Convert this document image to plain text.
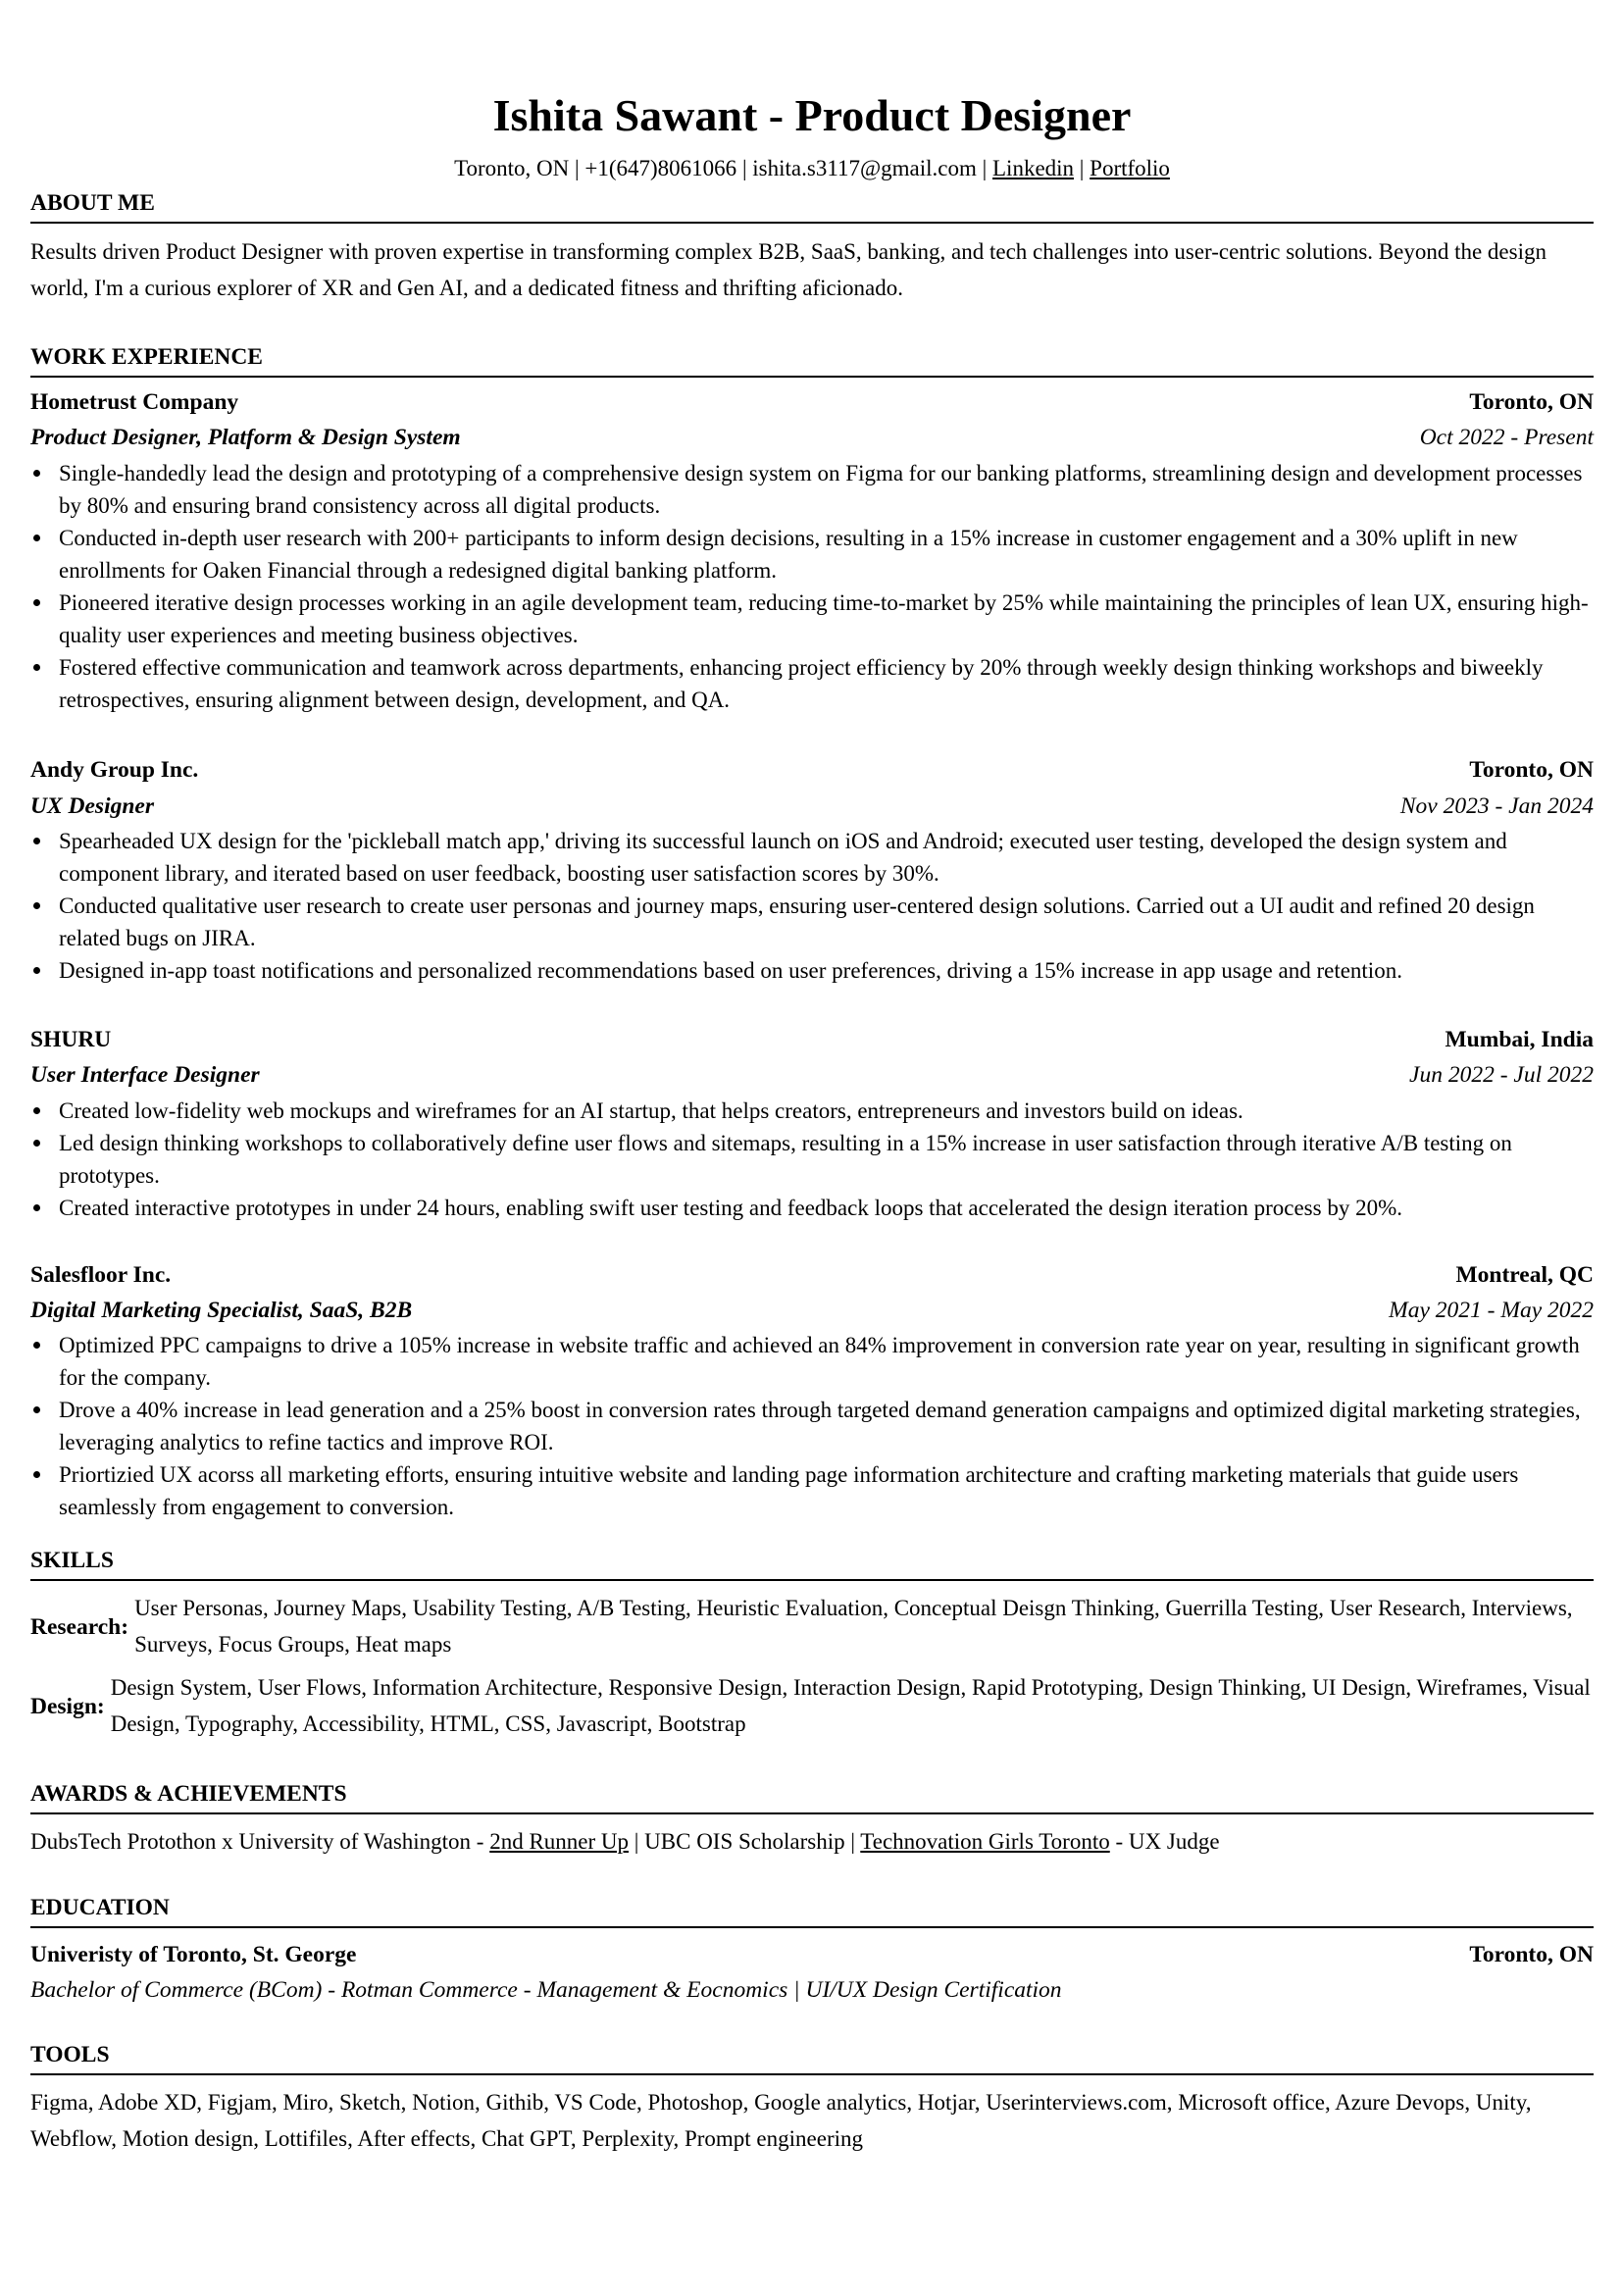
Ishita Sawant - Product Designer
Toronto, ON | +1(647)8061066 | ishita.s3117@gmail.com | Linkedin | Portfolio
ABOUT ME
Results driven Product Designer with proven expertise in transforming complex B2B, SaaS, banking, and tech challenges into user-centric solutions. Beyond the design world, I'm a curious explorer of XR and Gen AI, and a dedicated fitness and thrifting aficionado.
WORK EXPERIENCE
Hometrust Company	Toronto, ON
Product Designer, Platform & Design System	Oct 2022 - Present
Single-handedly lead the design and prototyping of a comprehensive design system on Figma for our banking platforms, streamlining design and development processes by 80% and ensuring brand consistency across all digital products.
Conducted in-depth user research with 200+ participants to inform design decisions, resulting in a 15% increase in customer engagement and a 30% uplift in new enrollments for Oaken Financial through a redesigned digital banking platform.
Pioneered iterative design processes working in an agile development team, reducing time-to-market by 25% while maintaining the principles of lean UX, ensuring high-quality user experiences and meeting business objectives.
Fostered effective communication and teamwork across departments, enhancing project efficiency by 20% through weekly design thinking workshops and biweekly retrospectives, ensuring alignment between design, development, and QA.
Andy Group Inc.	Toronto, ON
UX Designer	Nov 2023 - Jan 2024
Spearheaded UX design for the 'pickleball match app,' driving its successful launch on iOS and Android; executed user testing, developed the design system and component library, and iterated based on user feedback, boosting user satisfaction scores by 30%.
Conducted qualitative user research to create user personas and journey maps, ensuring user-centered design solutions. Carried out a UI audit and refined 20 design related bugs on JIRA.
Designed in-app toast notifications and personalized recommendations based on user preferences, driving a 15% increase in app usage and retention.
SHURU	Mumbai, India
User Interface Designer	Jun 2022 - Jul 2022
Created low-fidelity web mockups and wireframes for an AI startup, that helps creators, entrepreneurs and investors build on ideas.
Led design thinking workshops to collaboratively define user flows and sitemaps, resulting in a 15% increase in user satisfaction through iterative A/B testing on prototypes.
Created interactive prototypes in under 24 hours, enabling swift user testing and feedback loops that accelerated the design iteration process by 20%.
Salesfloor Inc.	Montreal, QC
Digital Marketing Specialist, SaaS, B2B	May 2021 - May 2022
Optimized PPC campaigns to drive a 105% increase in website traffic and achieved an 84% improvement in conversion rate year on year, resulting in significant growth for the company.
Drove a 40% increase in lead generation and a 25% boost in conversion rates through targeted demand generation campaigns and optimized digital marketing strategies, leveraging analytics to refine tactics and improve ROI.
Priortizied UX acorss all marketing efforts, ensuring intuitive website and landing page information architecture and crafting marketing materials that guide users seamlessly from engagement to conversion.
SKILLS
Research:
User Personas, Journey Maps, Usability Testing, A/B Testing, Heuristic Evaluation, Conceptual Deisgn Thinking, Guerrilla Testing, User Research, Interviews, Surveys, Focus Groups, Heat maps
Design:
Design System, User Flows, Information Architecture, Responsive Design, Interaction Design, Rapid Prototyping, Design Thinking, UI Design, Wireframes, Visual Design, Typography, Accessibility, HTML, CSS, Javascript, Bootstrap
AWARDS & ACHIEVEMENTS
DubsTech Protothon x University of Washington - 2nd Runner Up | UBC OIS Scholarship | Technovation Girls Toronto - UX Judge
EDUCATION
Univeristy of Toronto, St. George	Toronto, ON
Bachelor of Commerce (BCom) - Rotman Commerce - Management & Eocnomics | UI/UX Design Certification
TOOLS
Figma, Adobe XD, Figjam, Miro, Sketch, Notion, Githib, VS Code, Photoshop, Google analytics, Hotjar, Userinterviews.com, Microsoft office, Azure Devops, Unity, Webflow, Motion design, Lottifiles, After effects, Chat GPT, Perplexity, Prompt engineering
